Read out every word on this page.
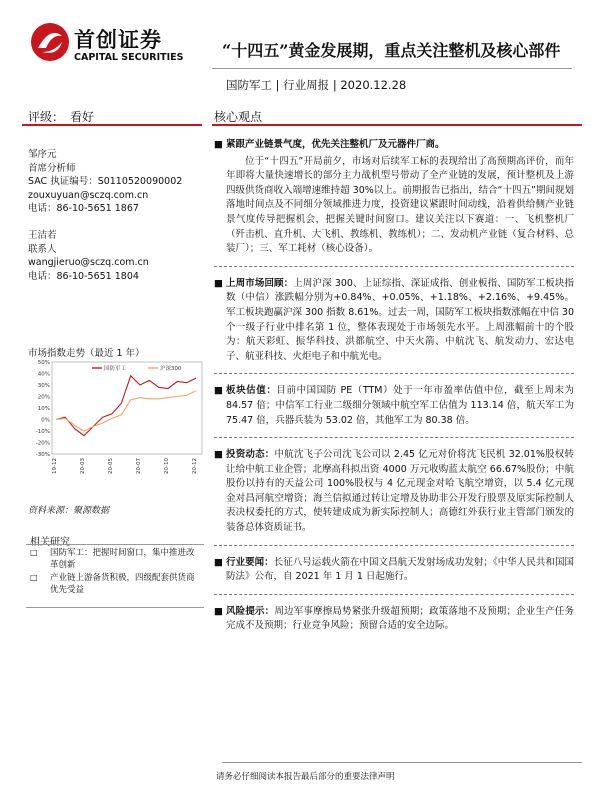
首创证券
CAPITAL SECURITIES “十四五”黄金发展期，重点关注整机及核心部件
国防军工 | 行业周报 | 2020.12.28
评级： 看好	核心观点
邹序元
首席分析师
SAC 执证编号：S0110520090002
zouxuyuan@sczq.com.cn
电话：86-10-5651 1867
王洁若
联系人
wangjieruo@sczq.com.cn
电话：86-10-5651 1804
市场指数走势（最近 1 年）
50%
40%
30%
20%
10%
0%
-10%
-20%
-30%
19-12	20-03	20-05	20-07	20-10	20-12
国防军工	沪深300
资料来源：聚源数据
相关研究
□ 国防军工：把握时间窗口，集中推进改革创新
□ 产业链上游备货积极，四级配套供货商优先受益
■ 紧跟产业链景气度，优先关注整机厂及元器件厂商。

位于“十四五”开局前夕，市场对后续军工标的表现给出了高预期高评价，而年年即将大量快速增长的部分主力战机型号带动了全产业链的发展，预计整机及上游四级供货商收入端增速维持超 30%以上。前期报告已指出，结合“十四五”期间规划落地时间点及不同细分领域推进力度，投资建议紧跟时间动线，沿着供给侧产业链景气度传导把握机会，把握关键时间窗口。建议关注以下赛道：一、飞机整机厂（歼击机、直升机、大飞机、教练机、教练机）；二、发动机产业链（复合材料、总装厂）；三、军工耗材（核心设备）。

■ 上周市场回顾：上周沪深 300、上证综指、深证成指、创业板指、国防军工板块指数（中信）涨跌幅分别为+0.84%、+0.05%、+1.18%、+2.16%、+9.45%。军工板块跑赢沪深 300 指数 8.61%。过去一周，国防军工板块指数涨幅在中信 30 个一级子行业中排名第 1 位，整体表现处于市场领先水平。上周涨幅前十的个股为：航天彩虹、振华科技、洪都航空、中天火箭、中航沈飞、航发动力、宏达电子、航亚科技、火炬电子和中航光电。

■ 板块估值：目前中国国防 PE（TTM）处于一年市盈率估值中位，截至上周末为 84.57 倍；中信军工行业二级细分领域中航空军工估值为 113.14 倍，航天军工为 75.47 倍，兵器兵装为 53.02 倍，其他军工为 80.38 倍。

■ 投资动态：中航沈飞子公司沈飞公司以 2.45 亿元对价将沈飞民机 32.01%股权转让给中航工业企管；北摩高科拟出资 4000 万元收购蓝太航空 66.67%股份；中航股份以持有的天益公司 100%股权与 4 亿元现金对哈飞航空增资，以 5.4 亿元现金对昌河航空增资；海兰信拟通过转让定增及协助非公开发行股票及原实际控制人表决权委托的方式，使转建成成为新实际控制人；高德红外获行业主管部门颁发的装备总体资质证书。

■ 行业要闻：长征八号运载火箭在中国文昌航天发射场成功发射；《中华人民共和国国防法》公布，自 2021 年 1 月 1 日起施行。

■ 风险提示：周边军事摩擦局势紧张升级超预期；政策落地不及预期；企业生产任务完成不及预期；行业竞争风险；预留合适的安全边际。

请务必仔细阅读本报告最后部分的重要法律声明
